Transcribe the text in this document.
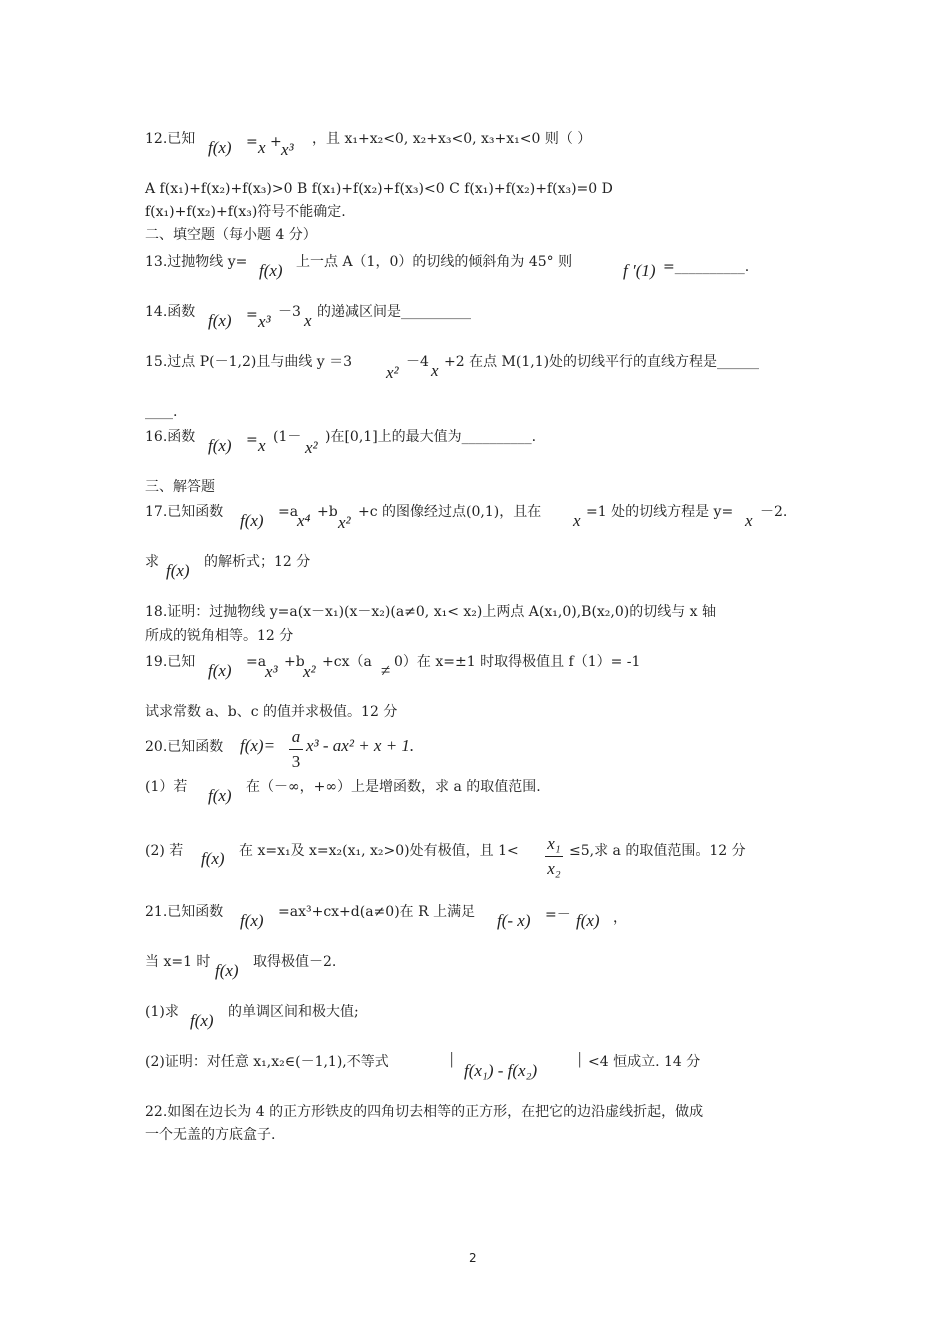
12.已知 f(x) = x + x³
，且 x₁+x₂<0, x₂+x₃<0, x₃+x₁<0 则（ ）
A f(x₁)+f(x₂)+f(x₃)>0 B f(x₁)+f(x₂)+f(x₃)<0 C f(x₁)+f(x₂)+f(x₃)=0 D
f(x₁)+f(x₂)+f(x₃)符号不能确定.
二、填空题（每小题 4 分）
13.过抛物线 y= f(x) 上一点 A（1，0）的切线的倾斜角为 45° 则	f ′(1) =__________.
14.函数 f(x) = x³ －3 x 的递减区间是__________
15.过点 P(－1,2)且与曲线 y ＝3
x²
－4 x +2 在点 M(1,1)处的切线平行的直线方程是______
____.
16.函数 f(x) = x (1－
x²
)在[0,1]上的最大值为__________.
三、解答题
17.已知函数 f(x) =a
x⁴ +b
x²
+c 的图像经过点(0,1)，且在 x =1 处的切线方程是 y= x －2.
求 f(x) 的解析式；12 分
18.证明：过抛物线 y=a(x－x₁)(x－x₂)(a≠0, x₁< x₂)上两点 A(x₁,0),B(x₂,0)的切线与 x 轴
所成的锐角相等。12 分
19.已知 f(x) =a
x³ +b
x² +cx（a ≠ 0）在 x=±1 时取得极值且 f（1）= -1
试求常数 a、b、c 的值并求极值。12 分
20.已知函数 f(x)= a
3
x³ - ax² + x + 1.
(1）若 f(x) 在（－∞，+∞）上是增函数，求 a 的取值范围.
(2) 若 f(x) 在 x=x₁及 x=x₂(x₁, x₂>0)处有极值，且 1< x₁
x₂
≤5,求 a 的取值范围。12 分
21.已知函数 f(x) =ax³+cx+d(a≠0)在 R 上满足 f(- x) =－ f(x) ，
当 x=1 时 f(x) 取得极值－2.
(1)求 f(x) 的单调区间和极大值;
(2)证明：对任意 x₁,x₂∈(－1,1),不等式	|
f(x₁) - f(x₂)
| <4 恒成立. 14 分
22.如图在边长为 4 的正方形铁皮的四角切去相等的正方形，在把它的边沿虚线折起，做成
一个无盖的方底盒子.
2
